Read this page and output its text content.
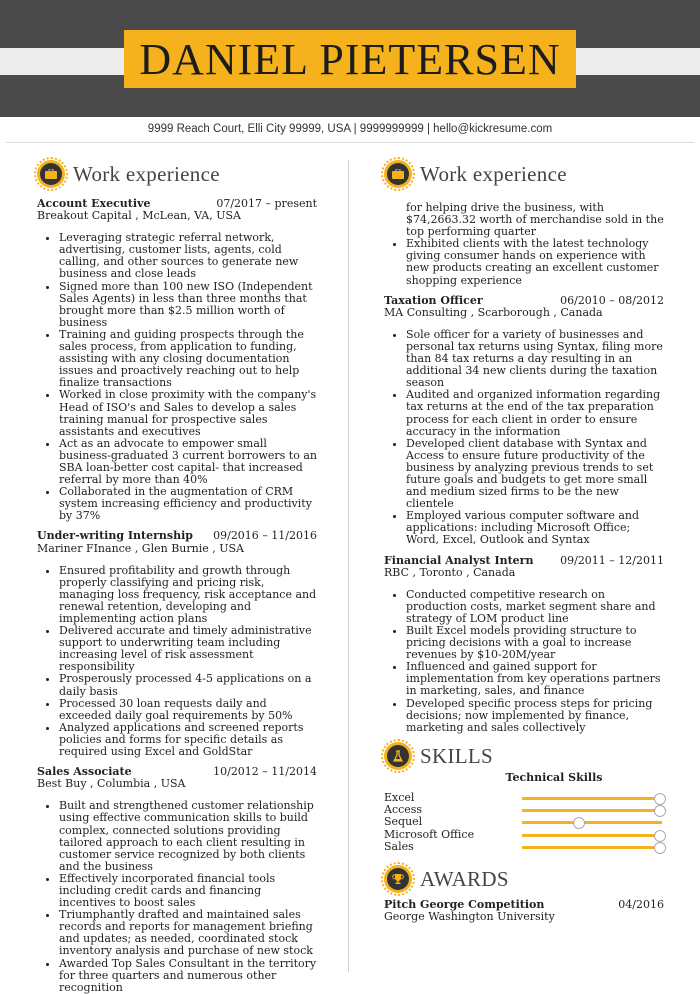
DANIEL PIETERSEN
9999 Reach Court, Elli City 99999, USA | 9999999999 | hello@kickresume.com
Work experience
Account Executive	07/2017 – present
Breakout Capital , McLean, VA, USA
• Leveraging strategic referral network, advertising, customer lists, agents, cold calling, and other sources to generate new business and close leads
• Signed more than 100 new ISO (Independent Sales Agents) in less than three months that brought more than $2.5 million worth of business
• Training and guiding prospects through the sales process, from application to funding, assisting with any closing documentation issues and proactively reaching out to help finalize transactions
• Worked in close proximity with the company's Head of ISO's and Sales to develop a sales training manual for prospective sales assistants and executives
• Act as an advocate to empower small business-graduated 3 current borrowers to an SBA loan-better cost capital- that increased referral by more than 40%
• Collaborated in the augmentation of CRM system increasing efficiency and productivity by 37%
Under-writing Internship 09/2016 – 11/2016
Mariner FInance , Glen Burnie , USA
• Ensured profitability and growth through properly classifying and pricing risk, managing loss frequency, risk acceptance and renewal retention, developing and implementing action plans
• Delivered accurate and timely administrative support to underwriting team including increasing level of risk assessment responsibility
• Prosperously processed 4-5 applications on a daily basis
• Processed 30 loan requests daily and exceeded daily goal requirements by 50%
• Analyzed applications and screened reports policies and forms for specific details as required using Excel and GoldStar
Sales Associate	10/2012 – 11/2014
Best Buy , Columbia , USA
• Built and strengthened customer relationship using effective communication skills to build complex, connected solutions providing tailored approach to each client resulting in customer service recognized by both clients and the business
• Effectively incorporated financial tools including credit cards and financing incentives to boost sales
• Triumphantly drafted and maintained sales records and reports for management briefing and updates; as needed, coordinated stock inventory analysis and purchase of new stock
• Awarded Top Sales Consultant in the territory for three quarters and numerous other recognition
Work experience
for helping drive the business, with $74,2663.32 worth of merchandise sold in the top performing quarter
• Exhibited clients with the latest technology giving consumer hands on experience with new products creating an excellent customer shopping experience
Taxation Officer	06/2010 – 08/2012
MA Consulting , Scarborough , Canada
• Sole officer for a variety of businesses and personal tax returns using Syntax, filing more than 84 tax returns a day resulting in an additional 34 new clients during the taxation season
• Audited and organized information regarding tax returns at the end of the tax preparation process for each client in order to ensure accuracy in the information
• Developed client database with Syntax and Access to ensure future productivity of the business by analyzing previous trends to set future goals and budgets to get more small and medium sized firms to be the new clientele
• Employed various computer software and applications: including Microsoft Office; Word, Excel, Outlook and Syntax
Financial Analyst Intern 09/2011 – 12/2011
RBC , Toronto , Canada
• Conducted competitive research on production costs, market segment share and strategy of LOM product line
• Built Excel models providing structure to pricing decisions with a goal to increase revenues by $10-20M/year
• Influenced and gained support for implementation from key operations partners in marketing, sales, and finance
• Developed specific process steps for pricing decisions; now implemented by finance, marketing and sales collectively
SKILLS
Technical Skills
Excel
Access
Sequel
Microsoft Office
Sales
AWARDS
Pitch George Competition	04/2016
George Washington University
